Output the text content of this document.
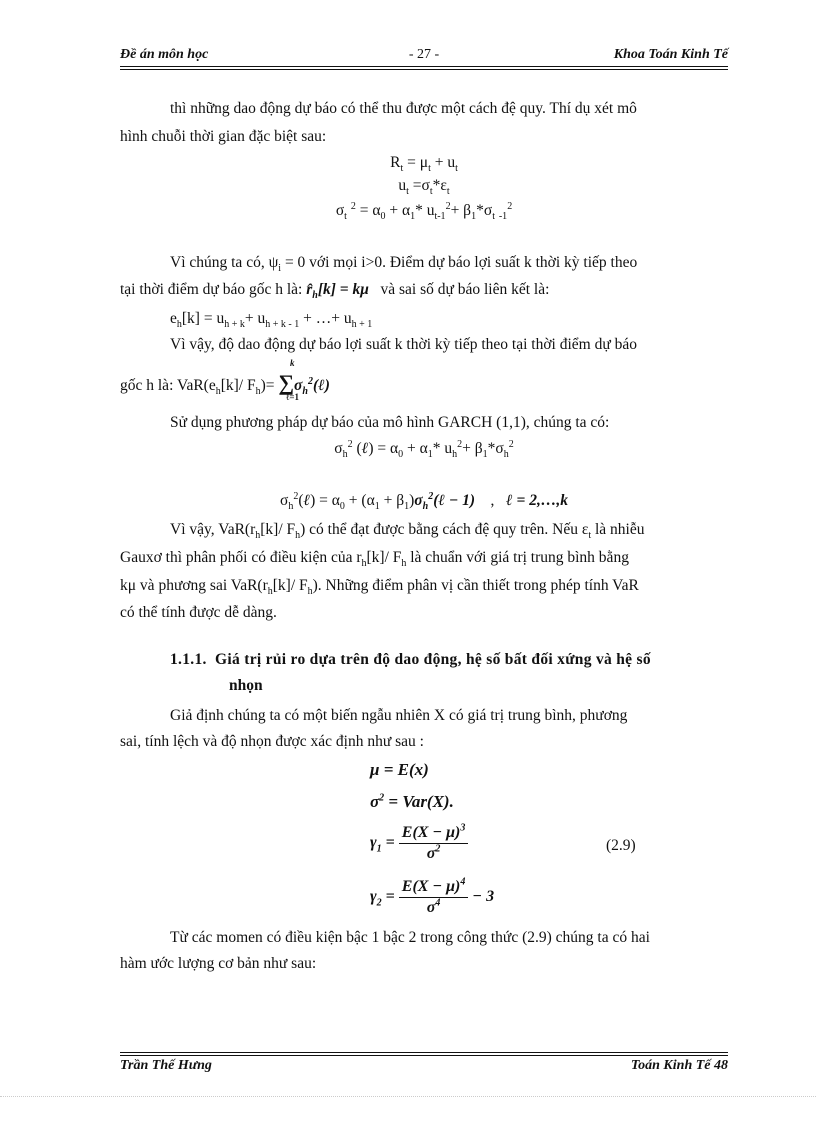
Đề án môn học	- 27 -	Khoa Toán Kinh Tế
thì những dao động dự báo có thể thu được một cách đệ quy. Thí dụ xét mô
hình chuỗi thời gian đặc biệt sau:
$R_t = \mu_t + u_t$
$u_t =\sigma_t*\varepsilon_t$
$\sigma_t$ $^2 = \alpha_0 + \alpha_1*$ $u_{t-1}^2+ \beta_1*\sigma_t$ $_{-1}^2$
Vì chúng ta có, $\psi_i = 0$ với mọi i>0. Điểm dự báo lợi suất k thời kỳ tiếp theo
tại thời điểm dự báo gốc h là: $r̂_h[k] = k\mu$   và sai số dự báo liên kết là:
$e_h[k] = u_{h + k}+ u_{h + k - 1}$ + …+ $u_{h + 1}$
Vì vậy, độ dao động dự báo lợi suất k thời kỳ tiếp theo tại thời điểm dự báo
gốc h là: $VaR(e_h[k]/$ $F_h)=$ $\sum\sigma_h^2(\ell)$
k
ℓ=1
Sử dụng phương pháp dự báo của mô hình GARCH (1,1), chúng ta có:
$\sigma_h^2$ (ℓ) = $\alpha_0 + \alpha_1*$ $u_h^2+ \beta_1*\sigma_h^2$
$\sigma_h^2(\ell) = \alpha_0 + (\alpha_1$ + $\beta_1)\sigma_h^2(\ell - 1)$    ,   ℓ = 2,…,k
Vì vậy, $VaR(r_h[k]/$ $F_h$) có thể đạt được bằng cách đệ quy trên. Nếu $\varepsilon_t$ là nhiễu
Gauxơ thì phân phối có điều kiện của $r_h[k]/$ $F_h$ là chuẩn với giá trị trung bình bằng
kμ và phương sai $VaR(r_h[k]/$ $F_h$). Những điểm phân vị cần thiết trong phép tính VaR
có thể tính được dễ dàng.
1.1.1. Giá trị rủi ro dựa trên độ dao động, hệ số bất đối xứng và hệ số
nhọn
Giả định chúng ta có một biến ngẫu nhiên X có giá trị trung bình, phương
sai, tính lệch và độ nhọn được xác định như sau :
μ = E(x)
$\sigma^2 = Var(X)$.
$\gamma_1 = \frac{E(X - \mu)^3}{\sigma^2}$	(2.9)
$\gamma_2 = \frac{E(X - \mu)^4}{\sigma^4} - 3$
Từ các momen có điều kiện bậc 1 bậc 2 trong công thức (2.9) chúng ta có hai
hàm ước lượng cơ bản như sau:
Trần Thế Hưng	Toán Kinh Tế 48
